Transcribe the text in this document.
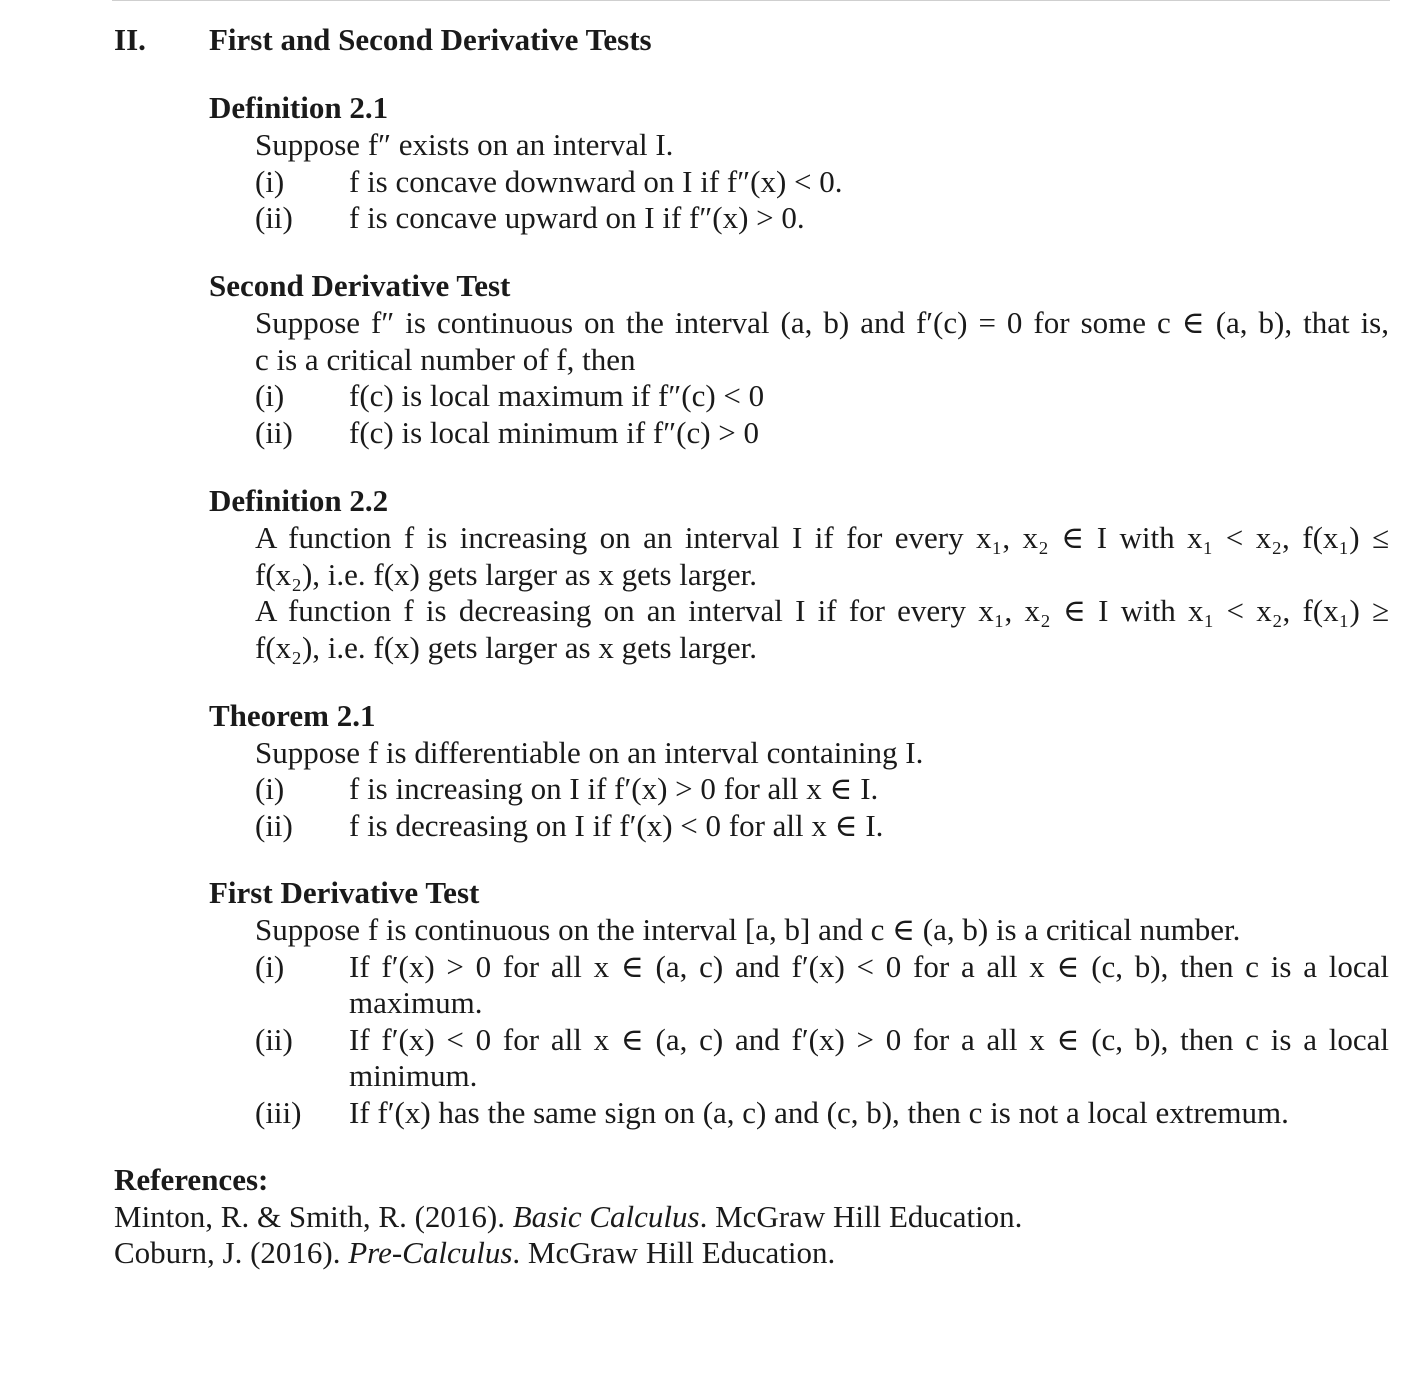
II. First and Second Derivative Tests
Definition 2.1
Suppose f″ exists on an interval I.
(i) f is concave downward on I if f″(x) < 0.
(ii) f is concave upward on I if f″(x) > 0.
Second Derivative Test
Suppose f″ is continuous on the interval (a, b) and f′(c) = 0 for some c ∈ (a, b), that is,
c is a critical number of f, then
(i) f(c) is local maximum if f″(c) < 0
(ii) f(c) is local minimum if f″(c) > 0
Definition 2.2
A function f is increasing on an interval I if for every x₁, x₂ ∈ I with x₁ < x₂, f(x₁) ≤
f(x₂), i.e. f(x) gets larger as x gets larger.
A function f is decreasing on an interval I if for every x₁, x₂ ∈ I with x₁ < x₂, f(x₁) ≥
f(x₂), i.e. f(x) gets larger as x gets larger.
Theorem 2.1
Suppose f is differentiable on an interval containing I.
(i) f is increasing on I if f′(x) > 0 for all x ∈ I.
(ii) f is decreasing on I if f′(x) < 0 for all x ∈ I.
First Derivative Test
Suppose f is continuous on the interval [a, b] and c ∈ (a, b) is a critical number.
(i) If f′(x) > 0 for all x ∈ (a, c) and f′(x) < 0 for a all x ∈ (c, b), then c is a local
maximum.
(ii) If f′(x) < 0 for all x ∈ (a, c) and f′(x) > 0 for a all x ∈ (c, b), then c is a local
minimum.
(iii) If f′(x) has the same sign on (a, c) and (c, b), then c is not a local extremum.
References:
Minton, R. & Smith, R. (2016). Basic Calculus. McGraw Hill Education.
Coburn, J. (2016). Pre-Calculus. McGraw Hill Education.
